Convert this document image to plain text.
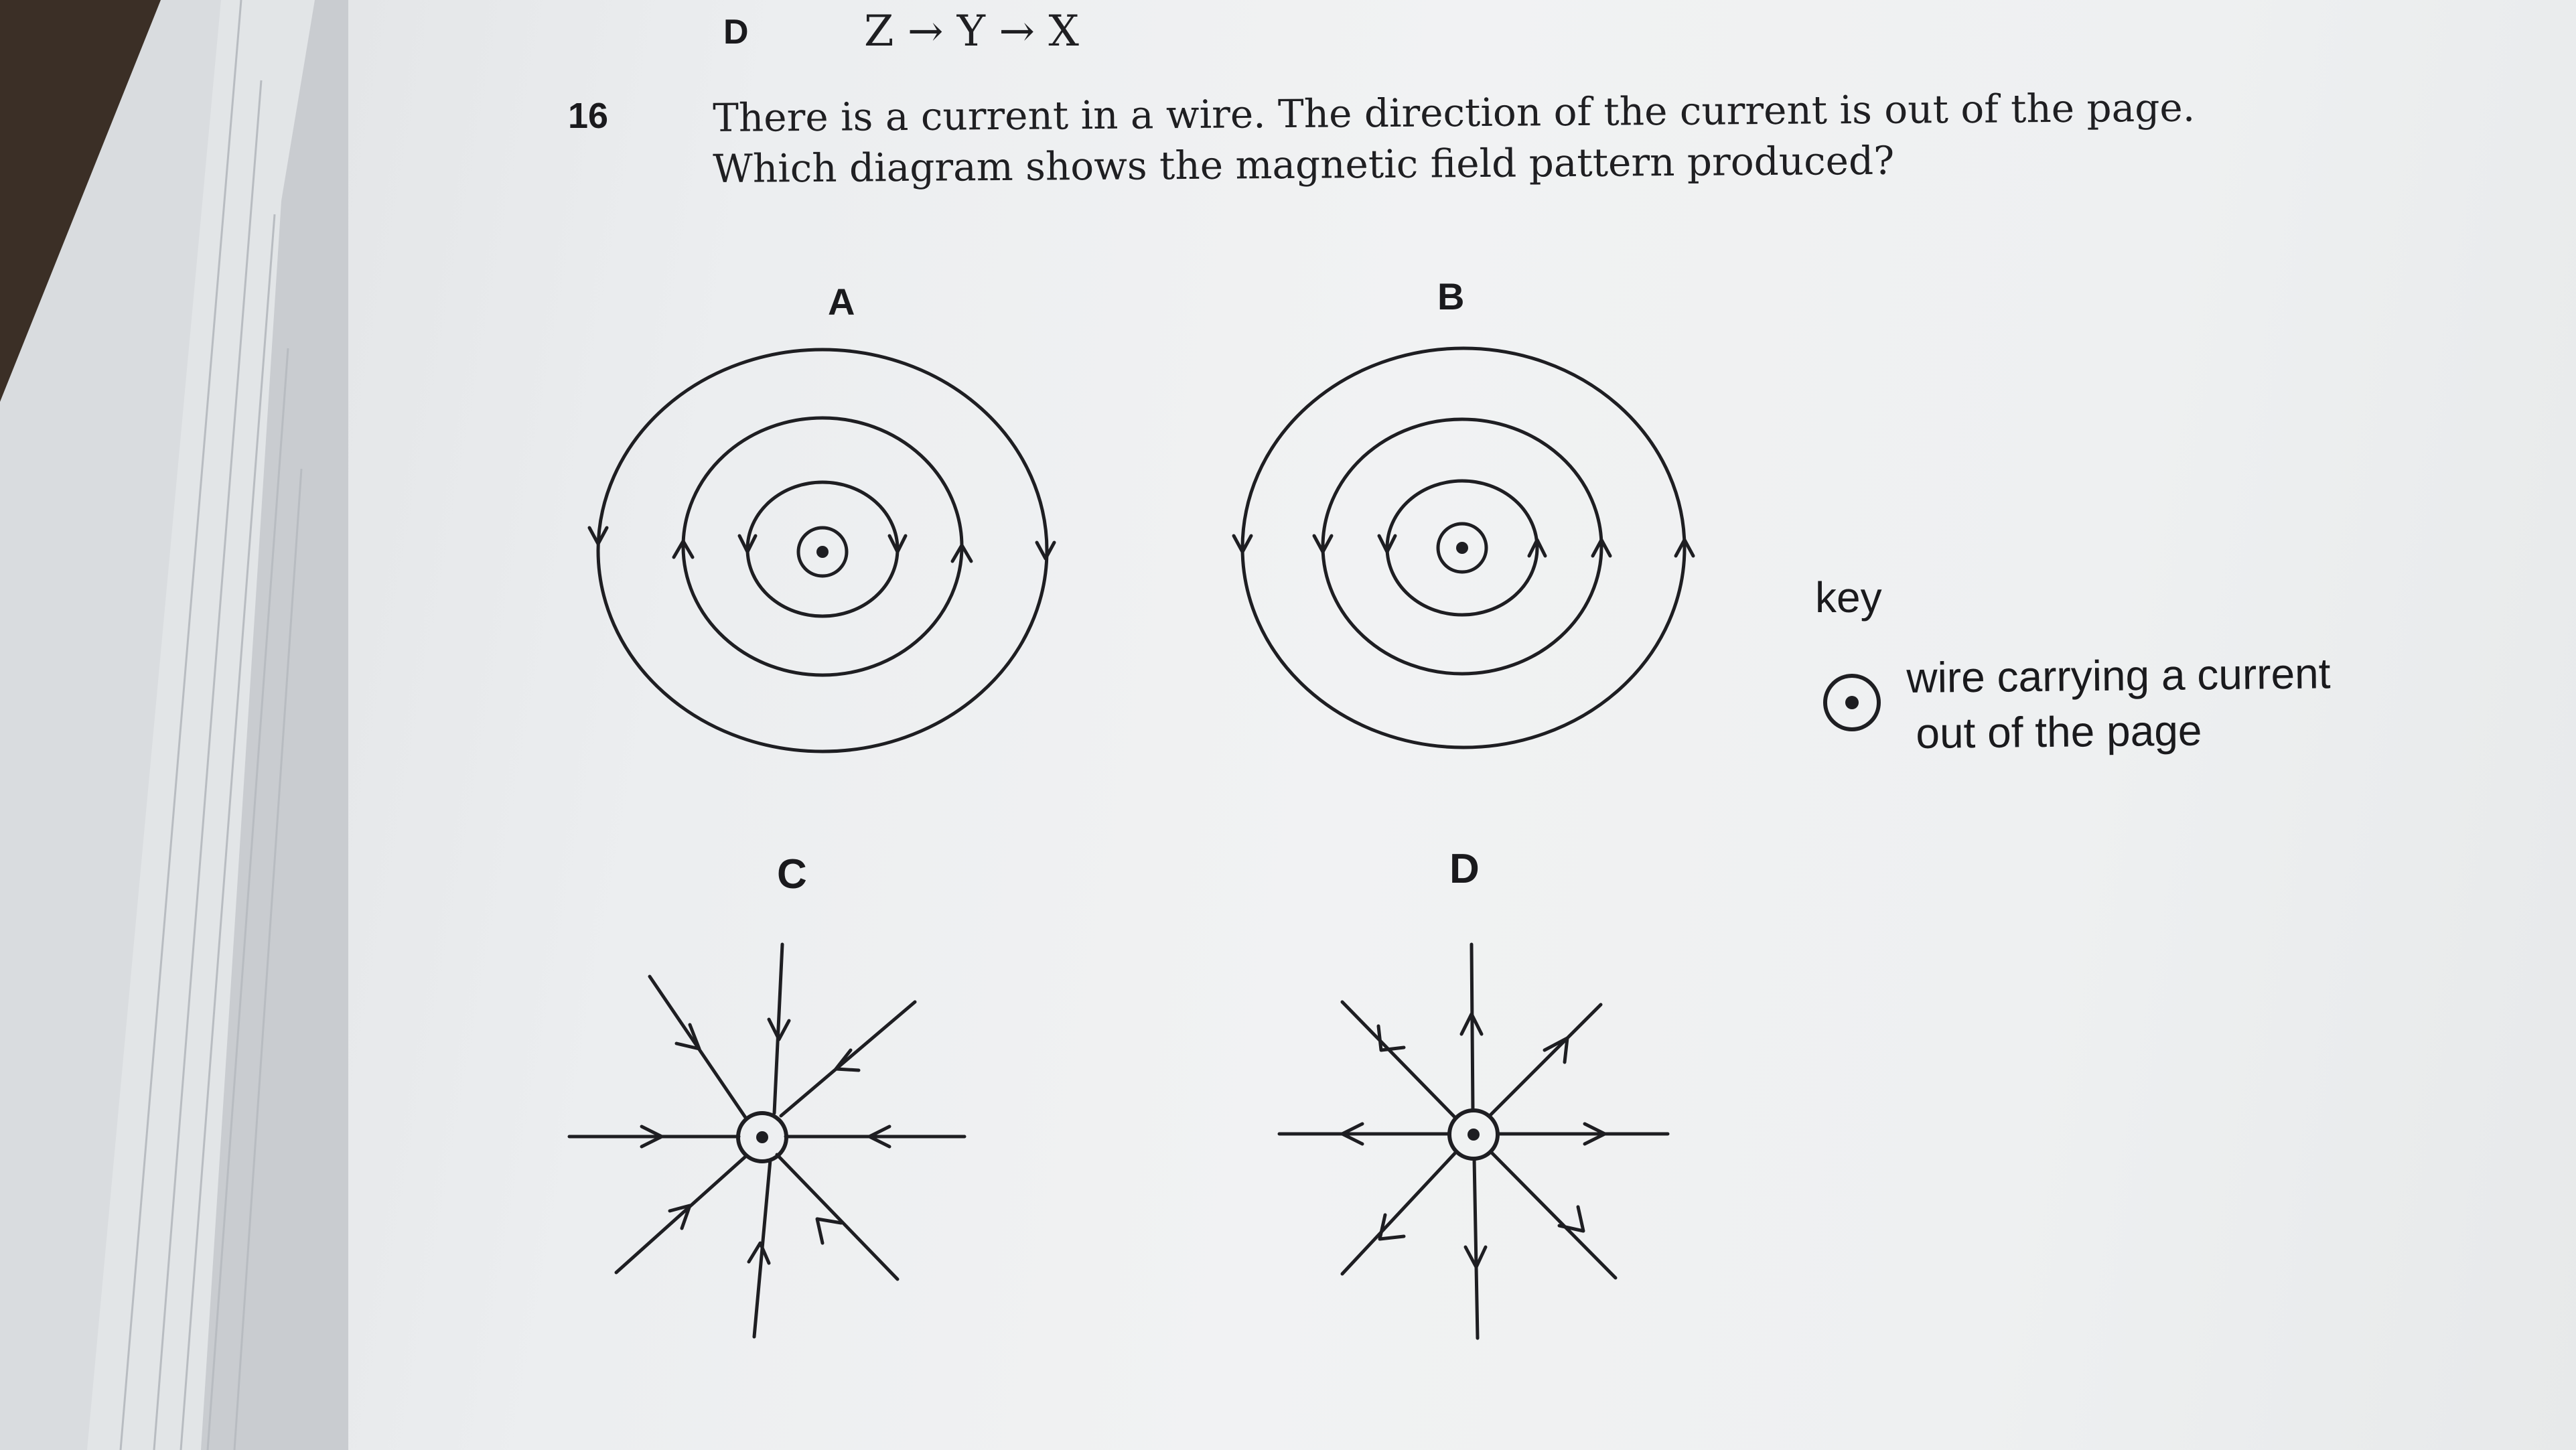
D	Z → Y → X
16	There is a current in a wire. The direction of the current is out of the page.
Which diagram shows the magnetic field pattern produced?
A	B
C	D
key
wire carrying a current
out of the page
